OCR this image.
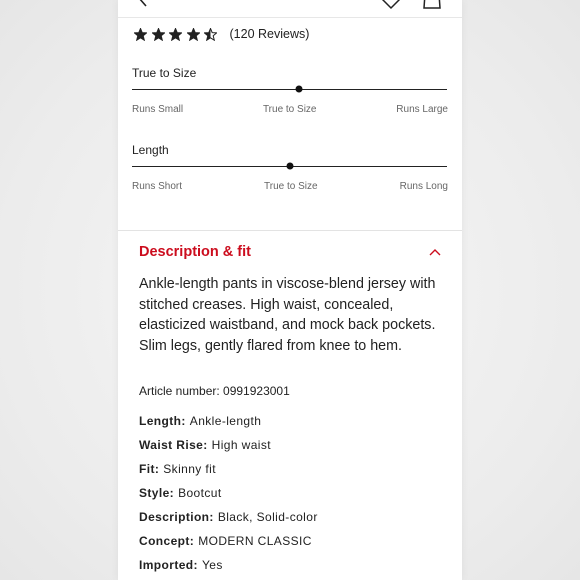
(120 Reviews)
True to Size
Runs Small	True to Size	Runs Large
Length
Runs Short	True to Size	Runs Long
Description & fit
Ankle-length pants in viscose-blend jersey with stitched creases. High waist, concealed, elasticized waistband, and mock back pockets. Slim legs, gently flared from knee to hem.
Article number: 0991923001
Length: Ankle-length
Waist Rise: High waist
Fit: Skinny fit
Style: Bootcut
Description: Black, Solid-color
Concept: MODERN CLASSIC
Imported: Yes
